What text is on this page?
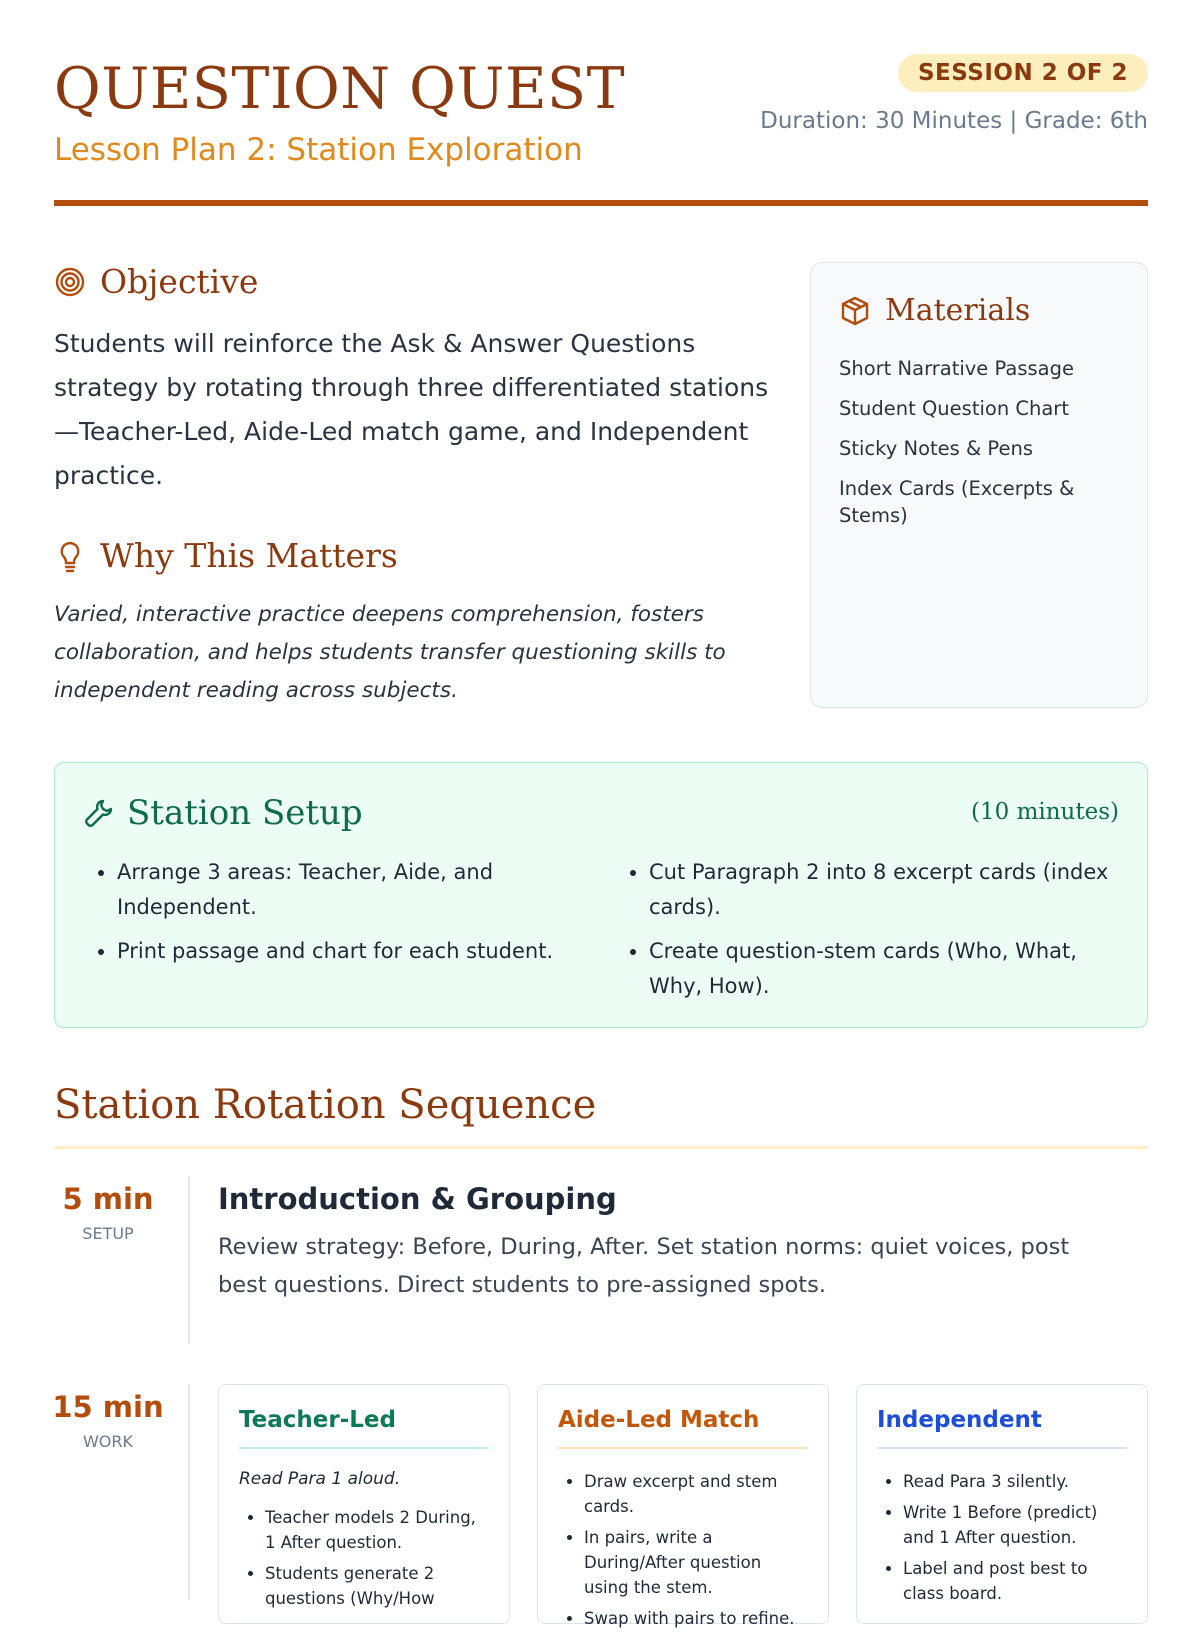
QUESTION QUEST
Lesson Plan 2: Station Exploration
SESSION 2 OF 2
Duration: 30 Minutes | Grade: 6th
Objective
Students will reinforce the Ask & Answer Questions strategy by rotating through three differentiated stations—Teacher-Led, Aide-Led match game, and Independent practice.
Why This Matters
Varied, interactive practice deepens comprehension, fosters collaboration, and helps students transfer questioning skills to independent reading across subjects.
Materials
Short Narrative Passage
Student Question Chart
Sticky Notes & Pens
Index Cards (Excerpts & Stems)
Station Setup	(10 minutes)
• Arrange 3 areas: Teacher, Aide, and Independent.
• Print passage and chart for each student.
• Cut Paragraph 2 into 8 excerpt cards (index cards).
• Create question-stem cards (Who, What, Why, How).
Station Rotation Sequence
5 min
SETUP
Introduction & Grouping
Review strategy: Before, During, After. Set station norms: quiet voices, post best questions. Direct students to pre-assigned spots.
15 min
WORK
Teacher-Led
Read Para 1 aloud.
• Teacher models 2 During, 1 After question.
• Students generate 2 questions (Why/How
Aide-Led Match
• Draw excerpt and stem cards.
• In pairs, write a During/After question using the stem.
• Swap with pairs to refine.
Independent
• Read Para 3 silently.
• Write 1 Before (predict) and 1 After question.
• Label and post best to class board.
